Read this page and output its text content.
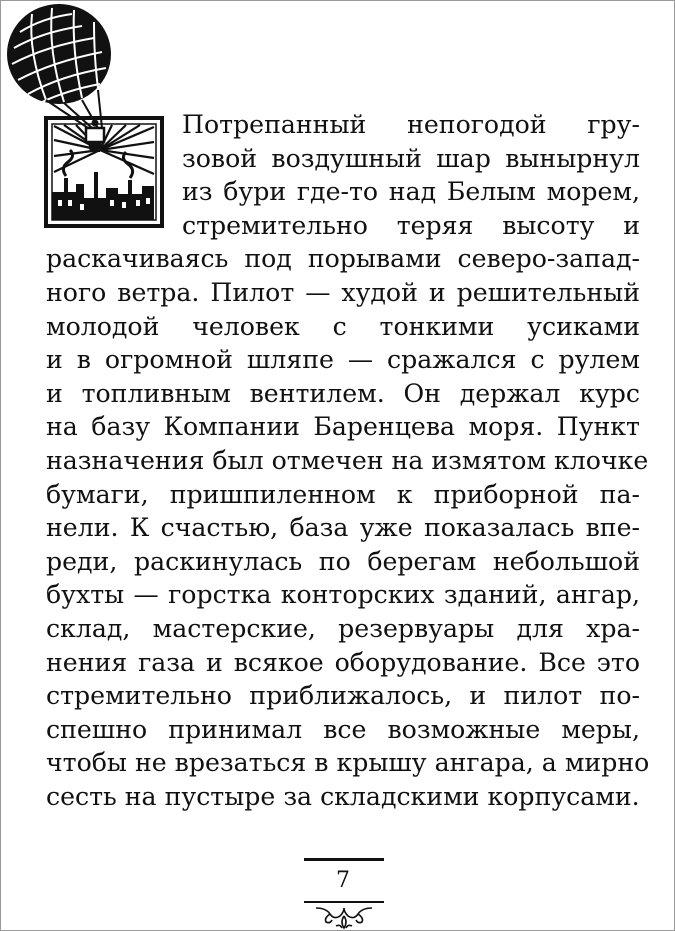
Потрепанный непогодой гру-
зовой воздушный шар вынырнул
из бури где-то над Белым морем,
стремительно теряя высоту и
раскачиваясь под порывами северо-запад-
ного ветра. Пилот — худой и решительный
молодой человек с тонкими усиками
и в огромной шляпе — сражался с рулем
и топливным вентилем. Он держал курс
на базу Компании Баренцева моря. Пункт
назначения был отмечен на измятом клочке
бумаги, пришпиленном к приборной па-
нели. К счастью, база уже показалась впе-
реди, раскинулась по берегам небольшой
бухты — горстка конторских зданий, ангар,
склад, мастерские, резервуары для хра-
нения газа и всякое оборудование. Все это
стремительно приближалось, и пилот по-
спешно принимал все возможные меры,
чтобы не врезаться в крышу ангара, а мирно
сесть на пустыре за складскими корпусами.
7
